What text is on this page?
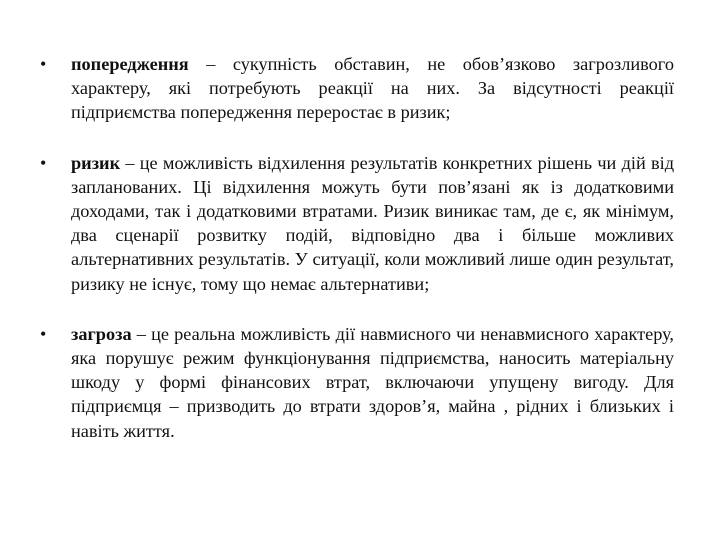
• попередження – сукупність обставин, не обов’язково загрозливого характеру, які потребують реакції на них. За відсутності реакції підприємства попередження переростає в ризик;
• ризик – це можливість відхилення результатів конкретних рішень чи дій від запланованих. Ці відхилення можуть бути пов’язані як із додатковими доходами, так і додатковими втратами. Ризик виникає там, де є, як мінімум, два сценарії розвитку подій, відповідно два і більше можливих альтернативних результатів. У ситуації, коли можливий лише один результат, ризику не існує, тому що немає альтернативи;
• загроза – це реальна можливість дії навмисного чи ненавмисного характеру, яка порушує режим функціонування підприємства, наносить матеріальну шкоду у формі фінансових втрат, включаючи упущену вигоду. Для підприємця – призводить до втрати здоров’я, майна , рідних і близьких і навіть життя.
